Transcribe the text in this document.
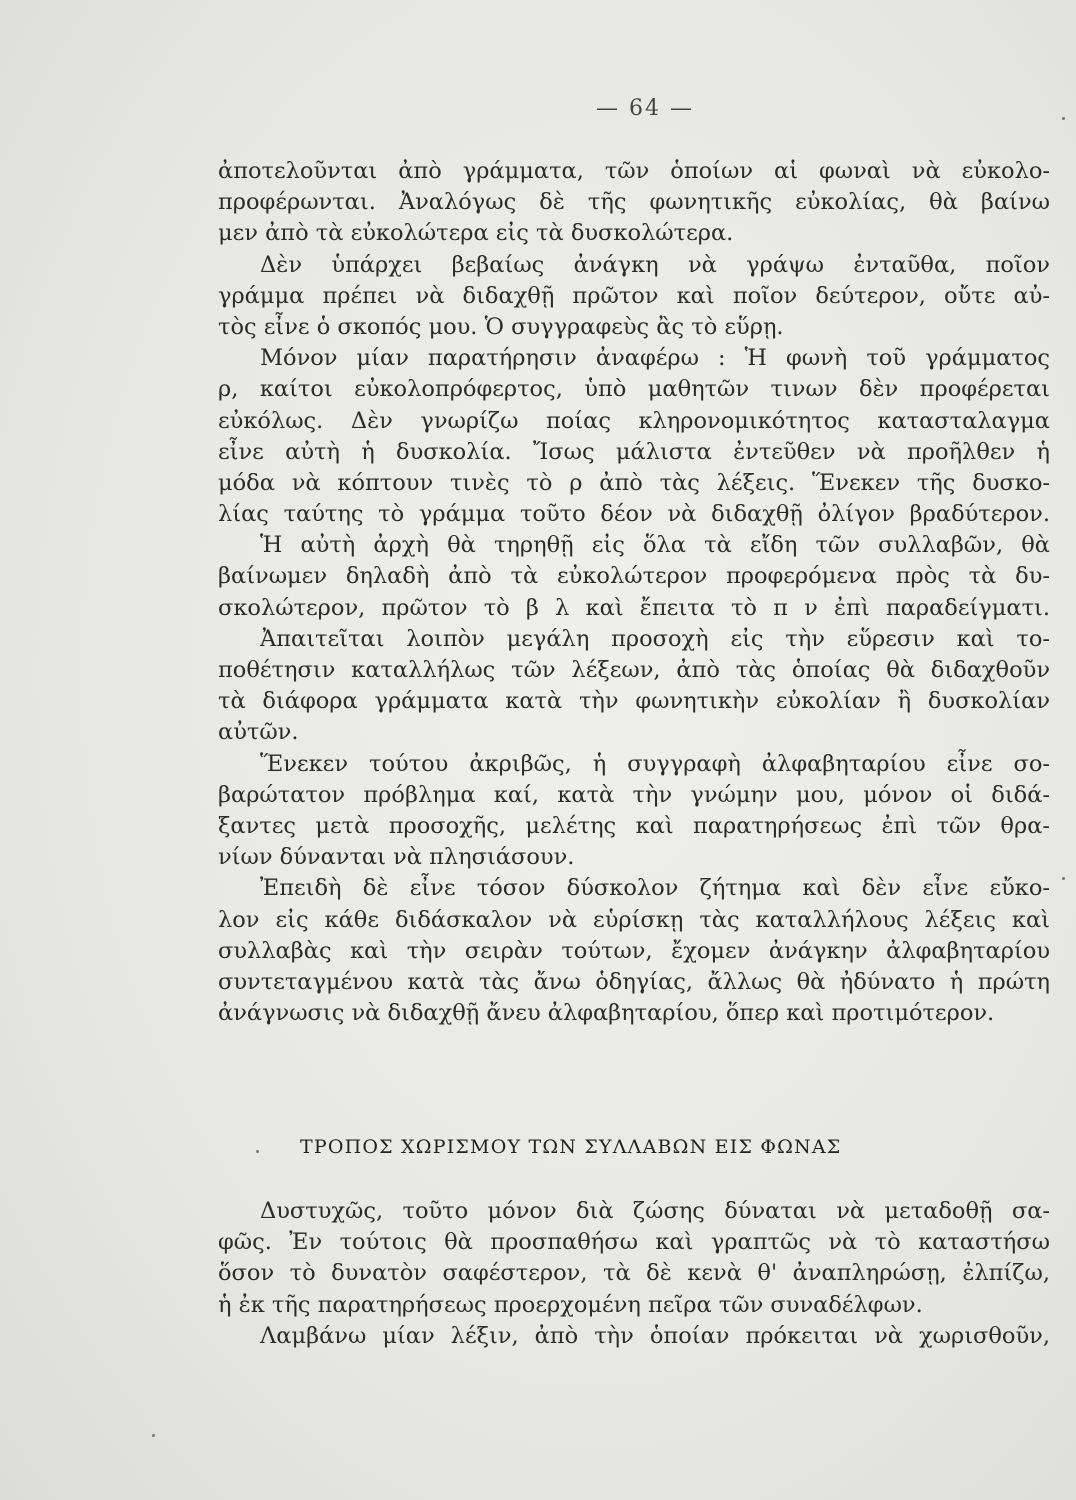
— 64 —
ἀποτελοῦνται ἀπὸ γράμματα, τῶν ὁποίων αἱ φωναὶ νὰ εὐκολο-
προφέρωνται. Ἀναλόγως δὲ τῆς φωνητικῆς εὐκολίας, θὰ βαίνω
μεν ἀπὸ τὰ εὐκολώτερα εἰς τὰ δυσκολώτερα.
Δὲν ὑπάρχει βεβαίως ἀνάγκη νὰ γράψω ἐνταῦθα, ποῖον
γράμμα πρέπει νὰ διδαχθῇ πρῶτον καὶ ποῖον δεύτερον, οὔτε αὐ-
τὸς εἶνε ὁ σκοπός μου. Ὁ συγγραφεὺς ἂς τὸ εὕρῃ.
Μόνον μίαν παρατήρησιν ἀναφέρω : Ἡ φωνὴ τοῦ γράμματος
ρ, καίτοι εὐκολοπρόφερτος, ὑπὸ μαθητῶν τινων δὲν προφέρεται
εὐκόλως. Δὲν γνωρίζω ποίας κληρονομικότητος κατασταλαγμα
εἶνε αὐτὴ ἡ δυσκολία. Ἴσως μάλιστα ἐντεῦθεν νὰ προῆλθεν ἡ
μόδα νὰ κόπτουν τινὲς τὸ ρ ἀπὸ τὰς λέξεις. Ἕνεκεν τῆς δυσκο-
λίας ταύτης τὸ γράμμα τοῦτο δέον νὰ διδαχθῇ ὀλίγον βραδύτερον.
Ἡ αὐτὴ ἀρχὴ θὰ τηρηθῇ εἰς ὅλα τὰ εἴδη τῶν συλλαβῶν, θὰ
βαίνωμεν δηλαδὴ ἀπὸ τὰ εὐκολώτερον προφερόμενα πρὸς τὰ δυ-
σκολώτερον, πρῶτον τὸ β λ καὶ ἔπειτα τὸ π ν ἐπὶ παραδείγματι.
Ἀπαιτεῖται λοιπὸν μεγάλη προσοχὴ εἰς τὴν εὕρεσιν καὶ το-
ποθέτησιν καταλλήλως τῶν λέξεων, ἀπὸ τὰς ὁποίας θὰ διδαχθοῦν
τὰ διάφορα γράμματα κατὰ τὴν φωνητικὴν εὐκολίαν ἢ δυσκολίαν
αὐτῶν.
Ἕνεκεν τούτου ἀκριβῶς, ἡ συγγραφὴ ἀλφαβηταρίου εἶνε σο-
βαρώτατον πρόβλημα καί, κατὰ τὴν γνώμην μου, μόνον οἱ διδά-
ξαντες μετὰ προσοχῆς, μελέτης καὶ παρατηρήσεως ἐπὶ τῶν θρα-
νίων δύνανται νὰ πλησιάσουν.
Ἐπειδὴ δὲ εἶνε τόσον δύσκολον ζήτημα καὶ δὲν εἶνε εὔκο-
λον εἰς κάθε διδάσκαλον νὰ εὑρίσκῃ τὰς καταλλήλους λέξεις καὶ
συλλαβὰς καὶ τὴν σειρὰν τούτων, ἔχομεν ἀνάγκην ἀλφαβηταρίου
συντεταγμένου κατὰ τὰς ἄνω ὁδηγίας, ἄλλως θὰ ἠδύνατο ἡ πρώτη
ἀνάγνωσις νὰ διδαχθῇ ἄνευ ἀλφαβηταρίου, ὅπερ καὶ προτιμότερον.
ΤΡΟΠΟΣ ΧΩΡΙΣΜΟΥ ΤΩΝ ΣΥΛΛΑΒΩΝ ΕΙΣ ΦΩΝΑΣ
Δυστυχῶς, τοῦτο μόνον διὰ ζώσης δύναται νὰ μεταδοθῇ σα-
φῶς. Ἐν τούτοις θὰ προσπαθήσω καὶ γραπτῶς νὰ τὸ καταστήσω
ὅσον τὸ δυνατὸν σαφέστερον, τὰ δὲ κενὰ θ' ἀναπληρώσῃ, ἐλπίζω,
ἡ ἐκ τῆς παρατηρήσεως προερχομένη πεῖρα τῶν συναδέλφων.
Λαμβάνω μίαν λέξιν, ἀπὸ τὴν ὁποίαν πρόκειται νὰ χωρισθοῦν,
